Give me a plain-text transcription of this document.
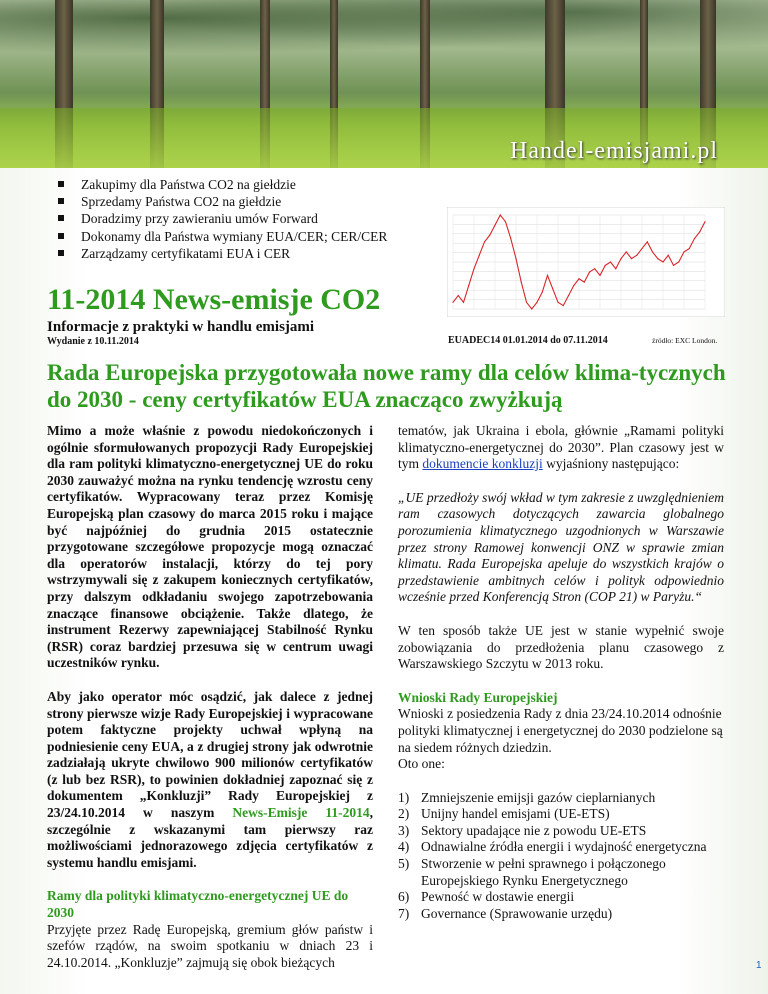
Handel-emisjami.pl
Zakupimy dla Państwa CO2 na giełdzie
Sprzedamy Państwa CO2 na giełdzie
Doradzimy przy zawieraniu umów Forward
Dokonamy dla Państwa wymiany EUA/CER; CER/CER
Zarządzamy certyfikatami EUA i CER
EUADEC14 01.01.2014 do 07.11.2014	źródło: EXC London.
11-2014 News-emisje CO2
Informacje z praktyki w handlu emisjami
Wydanie z 10.11.2014
Rada Europejska przygotowała nowe ramy dla celów klima-tycznych do 2030 - ceny certyfikatów EUA znacząco zwyżkują

Mimo a może właśnie z powodu niedokończonych i ogólnie sformułowanych propozycji Rady Europejskiej dla ram polityki klimatyczno-energetycznej UE do roku 2030 zauważyć można na rynku tendencję wzrostu ceny certyfikatów. Wypracowany teraz przez Komisję Europejską plan czasowy do marca 2015 roku i mające być najpóźniej do grudnia 2015 ostatecznie przygotowane szczegółowe propozycje mogą oznaczać dla operatorów instalacji, którzy do tej pory wstrzymywali się z zakupem koniecznych certyfikatów, przy dalszym odkładaniu swojego zapotrzebowania znaczące finansowe obciążenie. Także dlatego, że instrument Rezerwy zapewniającej Stabilność Rynku (RSR) coraz bardziej przesuwa się w centrum uwagi uczestników rynku.

Aby jako operator móc osądzić, jak dalece z jednej strony pierwsze wizje Rady Europejskiej i wypracowane potem faktyczne projekty uchwał wpłyną na podniesienie ceny EUA, a z drugiej strony jak odwrotnie zadziałają ukryte chwilowo 900 milionów certyfikatów (z lub bez RSR), to powinien dokładniej zapoznać się z dokumentem „Konkluzji” Rady Europejskiej z 23/24.10.2014 w naszym News-Emisje 11-2014, szczególnie z wskazanymi tam pierwszy raz możliwościami jednorazowego zdjęcia certyfikatów z systemu handlu emisjami.

Ramy dla polityki klimatyczno-energetycznej UE do 2030

Przyjęte przez Radę Europejską, gremium głów państw i szefów rządów, na swoim spotkaniu w dniach 23 i 24.10.2014. „Konkluzje” zajmują się obok bieżących

tematów, jak Ukraina i ebola, głównie „Ramami polityki klimatyczno-energetycznej do 2030”. Plan czasowy jest w tym dokumencie konkluzji wyjaśniony następująco:

„UE przedłoży swój wkład w tym zakresie z uwzględnieniem ram czasowych dotyczących zawarcia globalnego porozumienia klimatycznego uzgodnionych w Warszawie przez strony Ramowej konwencji ONZ w sprawie zmian klimatu. Rada Europejska apeluje do wszystkich krajów o przedstawienie ambitnych celów i polityk odpowiednio wcześnie przed Konferencją Stron (COP 21) w Paryżu.“

W ten sposób także UE jest w stanie wypełnić swoje zobowiązania do przedłożenia planu czasowego z Warszawskiego Szczytu w 2013 roku.

Wnioski Rady Europejskiej

Wnioski z posiedzenia Rady z dnia 23/24.10.2014 odnośnie polityki klimatycznej i energetycznej do 2030 podzielone są na siedem różnych dziedzin.

Oto one:

1) Zmniejszenie emijsji gazów cieplarnianych
2) Unijny handel emisjami (UE-ETS)
3) Sektory upadające nie z powodu UE-ETS
4) Odnawialne źródła energii i wydajność energetyczna
5) Stworzenie w pełni sprawnego i połączonego Europejskiego Rynku Energetycznego
6) Pewność w dostawie energii
7) Governance (Sprawowanie urzędu)
1
